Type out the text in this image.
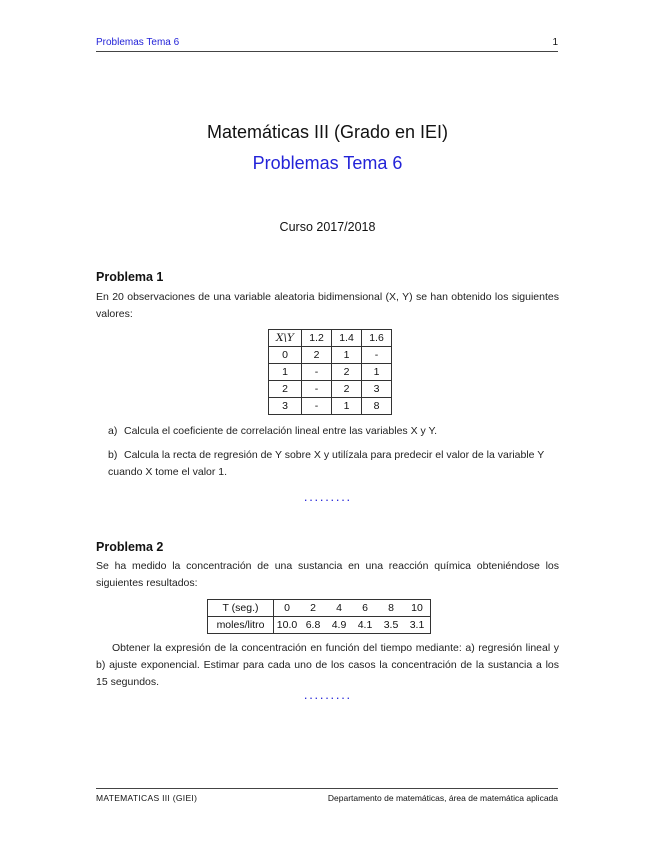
Problemas Tema 6	1
Matemáticas III (Grado en IEI)
Problemas Tema 6
Curso 2017/2018
Problema 1
En 20 observaciones de una variable aleatoria bidimensional (X, Y) se han obtenido los siguientes valores:
X\Y	1.2	1.4	1.6
0	2	1	-
1	-	2	1
2	-	2	3
3	-	1	8
a) Calcula el coeficiente de correlación lineal entre las variables X y Y.
b) Calcula la recta de regresión de Y sobre X y utilízala para predecir el valor de la variable Y cuando X tome el valor 1.
·········
Problema 2
Se ha medido la concentración de una sustancia en una reacción química obteniéndose los siguientes resultados:
T (seg.)	0	2	4	6	8	10
moles/litro	10.0	6.8	4.9	4.1	3.5	3.1
Obtener la expresión de la concentración en función del tiempo mediante: a) regresión lineal y b) ajuste exponencial. Estimar para cada uno de los casos la concentración de la sustancia a los 15 segundos.
·········
MATEMATICAS III (GIEI)	Departamento de matemáticas, área de matemática aplicada
